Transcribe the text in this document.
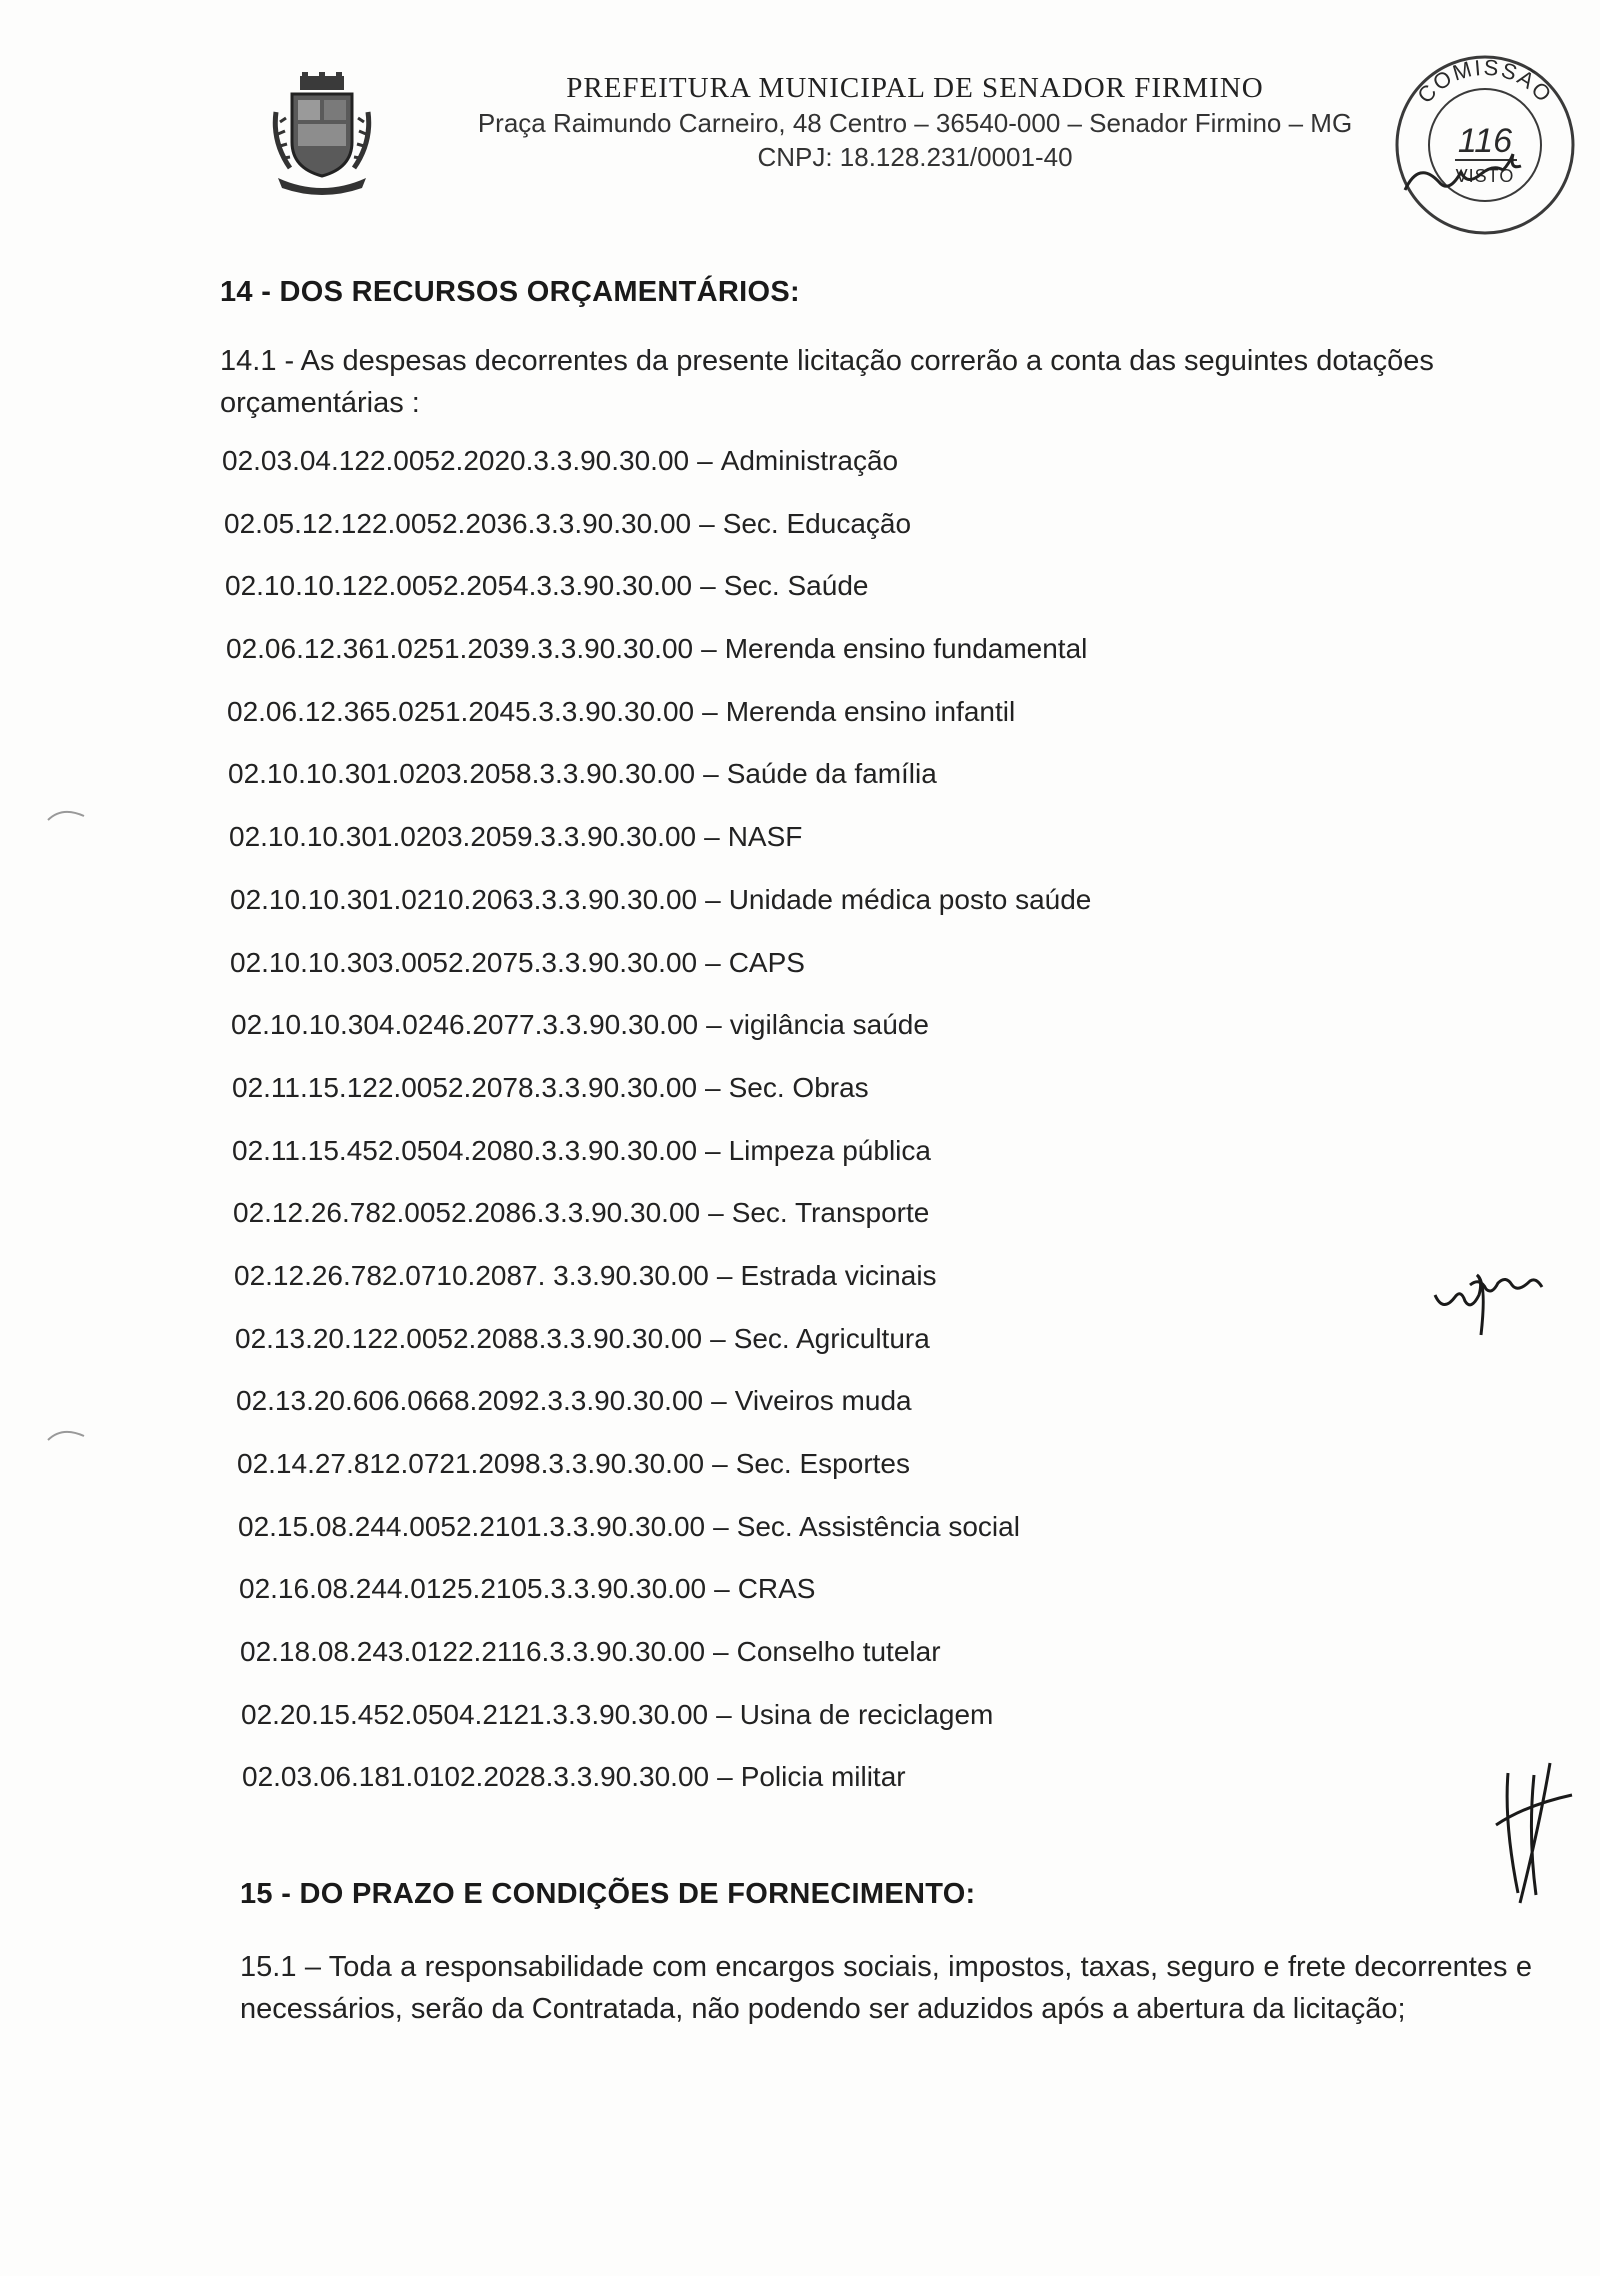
PREFEITURA MUNICIPAL DE SENADOR FIRMINO
Praça Raimundo Carneiro, 48 Centro – 36540-000 – Senador Firmino – MG
CNPJ: 18.128.231/0001-40
COMISSÃO
116
VISTO
14 - DOS RECURSOS ORÇAMENTÁRIOS:
14.1 - As despesas decorrentes da presente licitação correrão a conta das seguintes dotações orçamentárias :
02.03.04.122.0052.2020.3.3.90.30.00 – Administração
02.05.12.122.0052.2036.3.3.90.30.00 – Sec. Educação
02.10.10.122.0052.2054.3.3.90.30.00 – Sec. Saúde
02.06.12.361.0251.2039.3.3.90.30.00 – Merenda ensino fundamental
02.06.12.365.0251.2045.3.3.90.30.00 – Merenda ensino infantil
02.10.10.301.0203.2058.3.3.90.30.00 – Saúde da família
02.10.10.301.0203.2059.3.3.90.30.00 – NASF
02.10.10.301.0210.2063.3.3.90.30.00 – Unidade médica posto saúde
02.10.10.303.0052.2075.3.3.90.30.00 – CAPS
02.10.10.304.0246.2077.3.3.90.30.00 – vigilância saúde
02.11.15.122.0052.2078.3.3.90.30.00 – Sec. Obras
02.11.15.452.0504.2080.3.3.90.30.00 – Limpeza pública
02.12.26.782.0052.2086.3.3.90.30.00 – Sec. Transporte
02.12.26.782.0710.2087. 3.3.90.30.00 – Estrada vicinais
02.13.20.122.0052.2088.3.3.90.30.00 – Sec. Agricultura
02.13.20.606.0668.2092.3.3.90.30.00 – Viveiros muda
02.14.27.812.0721.2098.3.3.90.30.00 – Sec. Esportes
02.15.08.244.0052.2101.3.3.90.30.00 – Sec. Assistência social
02.16.08.244.0125.2105.3.3.90.30.00 – CRAS
02.18.08.243.0122.2116.3.3.90.30.00 – Conselho tutelar
02.20.15.452.0504.2121.3.3.90.30.00 – Usina de reciclagem
02.03.06.181.0102.2028.3.3.90.30.00 – Policia militar
15 - DO PRAZO E CONDIÇÕES DE FORNECIMENTO:
15.1 – Toda a responsabilidade com encargos sociais, impostos, taxas, seguro e frete decorrentes e necessários, serão da Contratada, não podendo ser aduzidos após a abertura da licitação;
